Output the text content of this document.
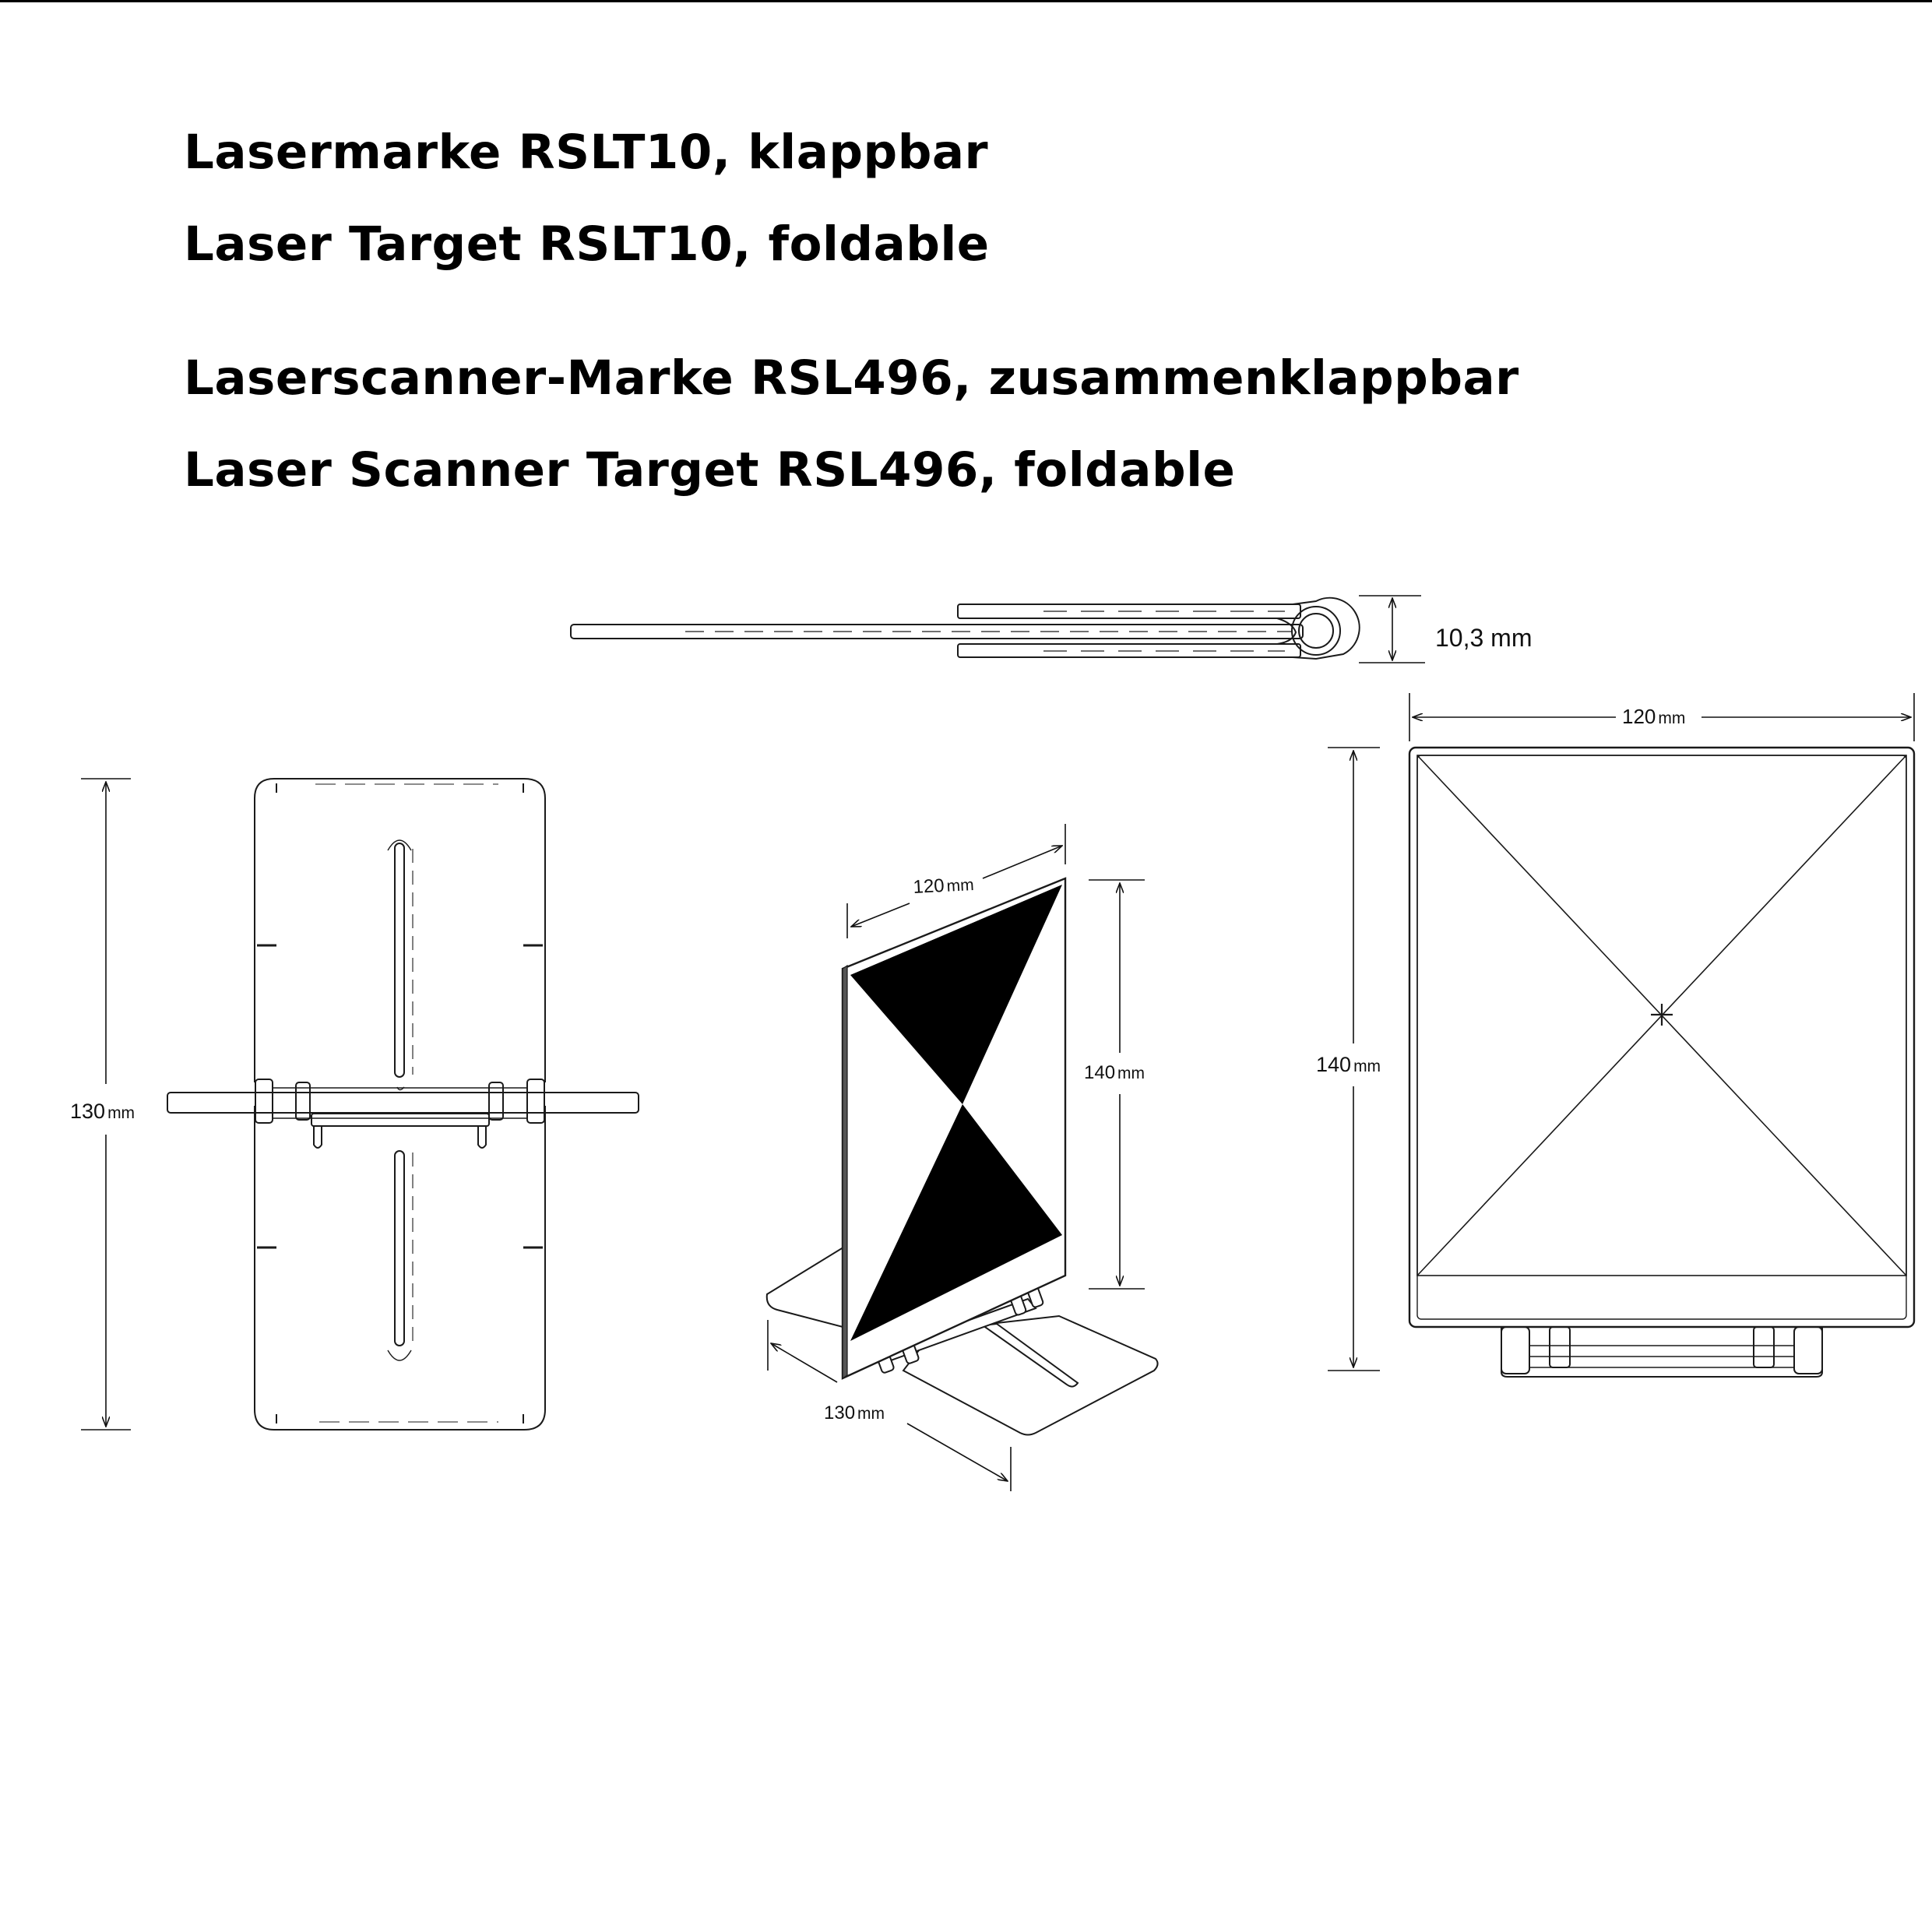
Lasermarke RSLT10, klappbar
Laser Target RSLT10, foldable
Laserscanner-Marke RSL496, zusammenklappbar
Laser Scanner Target RSL496, foldable
10,3 mm
130 mm
120mm
140 mm
130 mm
120 mm
140 mm
